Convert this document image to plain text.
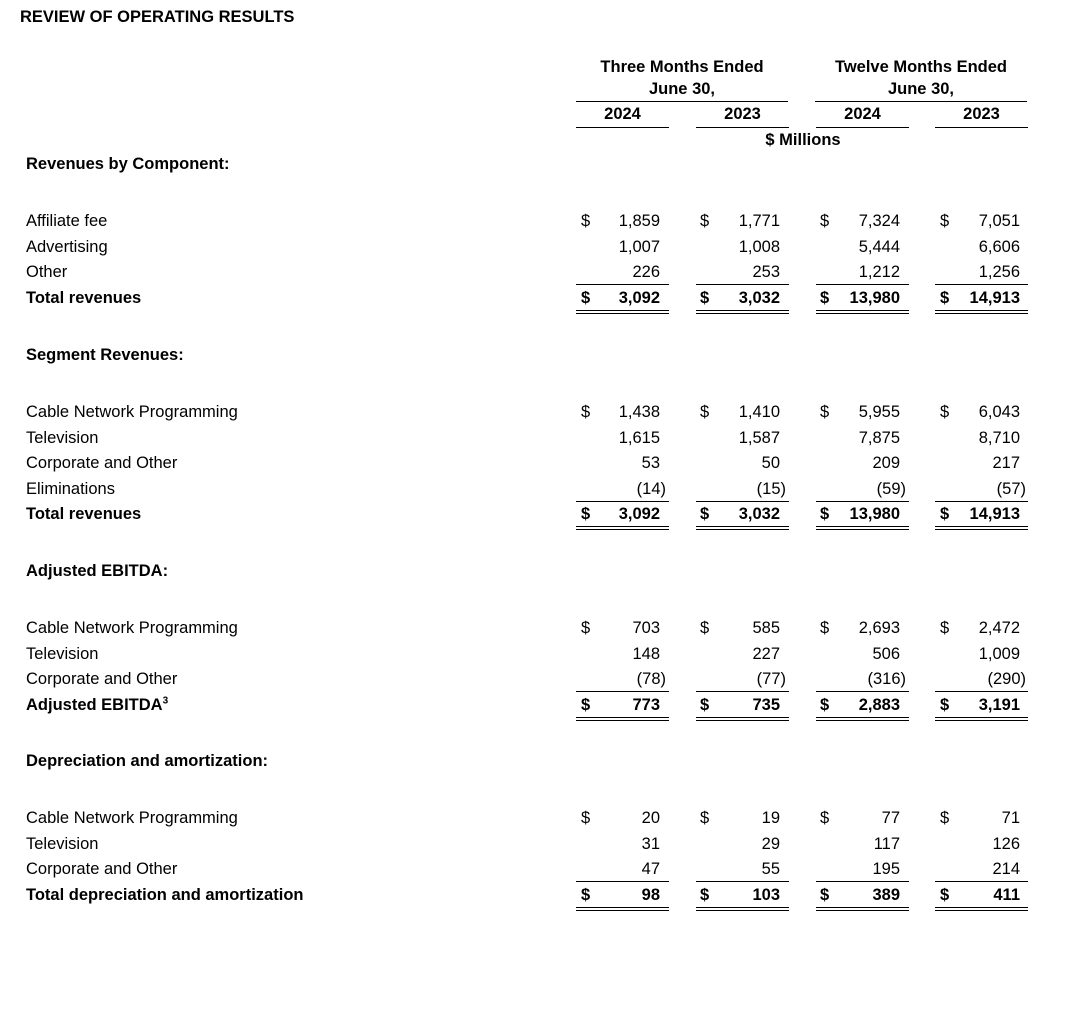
REVIEW OF OPERATING RESULTS
Three Months Ended
June 30,
Twelve Months Ended
June 30,
2024	2023	2024	2023
$ Millions
Revenues by Component:
Affiliate fee	$	1,859 $	1,771 $	7,324 $	7,051
Advertising	1,007	1,008	5,444	6,606
Other	226	253	1,212	1,256
Total revenues	$	3,092 $	3,032 $	13,980 $	14,913
Segment Revenues:
Cable Network Programming	$	1,438 $	1,410 $	5,955 $	6,043
Television	1,615	1,587	7,875	8,710
Corporate and Other	53	50	209	217
Eliminations	(14)	(15)	(59)	(57)
Total revenues	$	3,092 $	3,032 $	13,980 $	14,913
Adjusted EBITDA:
Cable Network Programming	$	703 $	585 $	2,693 $	2,472
Television	148	227	506	1,009
Corporate and Other	(78)	(77)	(316)	(290)
Adjusted EBITDA$^3$	$	773 $	735 $	2,883 $	3,191
Depreciation and amortization:
Cable Network Programming	$	20 $	19 $	77 $	71
Television	31	29	117	126
Corporate and Other	47	55	195	214
Total depreciation and amortization	$	98 $	103 $	389 $	411
